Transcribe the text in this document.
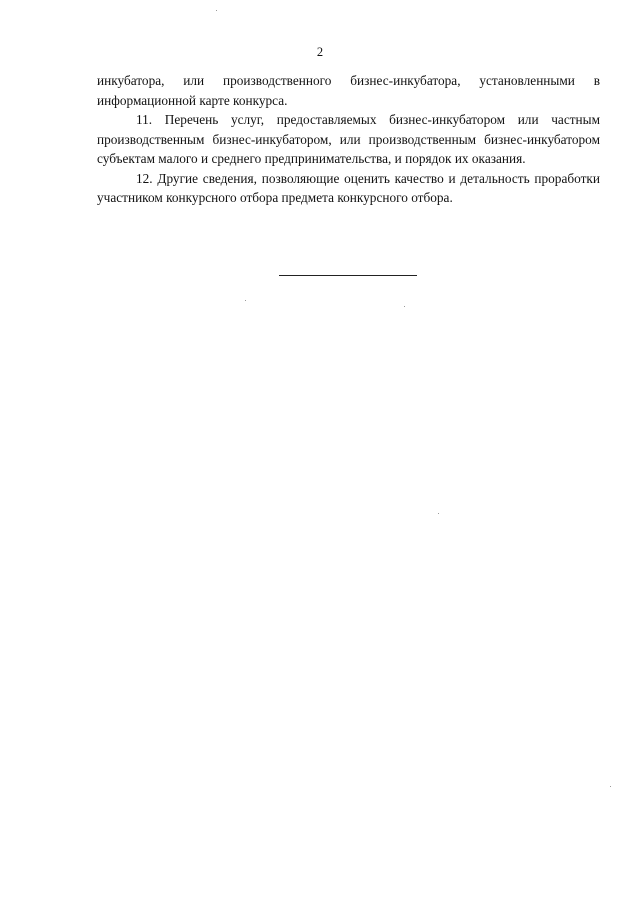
2

инкубатора, или производственного бизнес-инкубатора, установленными в информационной карте конкурса.

11. Перечень услуг, предоставляемых бизнес-инкубатором или частным производственным бизнес-инкубатором, или производственным бизнес-инкубатором субъектам малого и среднего предпринимательства, и порядок их оказания.

12. Другие сведения, позволяющие оценить качество и детальность проработки участником конкурсного отбора предмета конкурсного отбора.
